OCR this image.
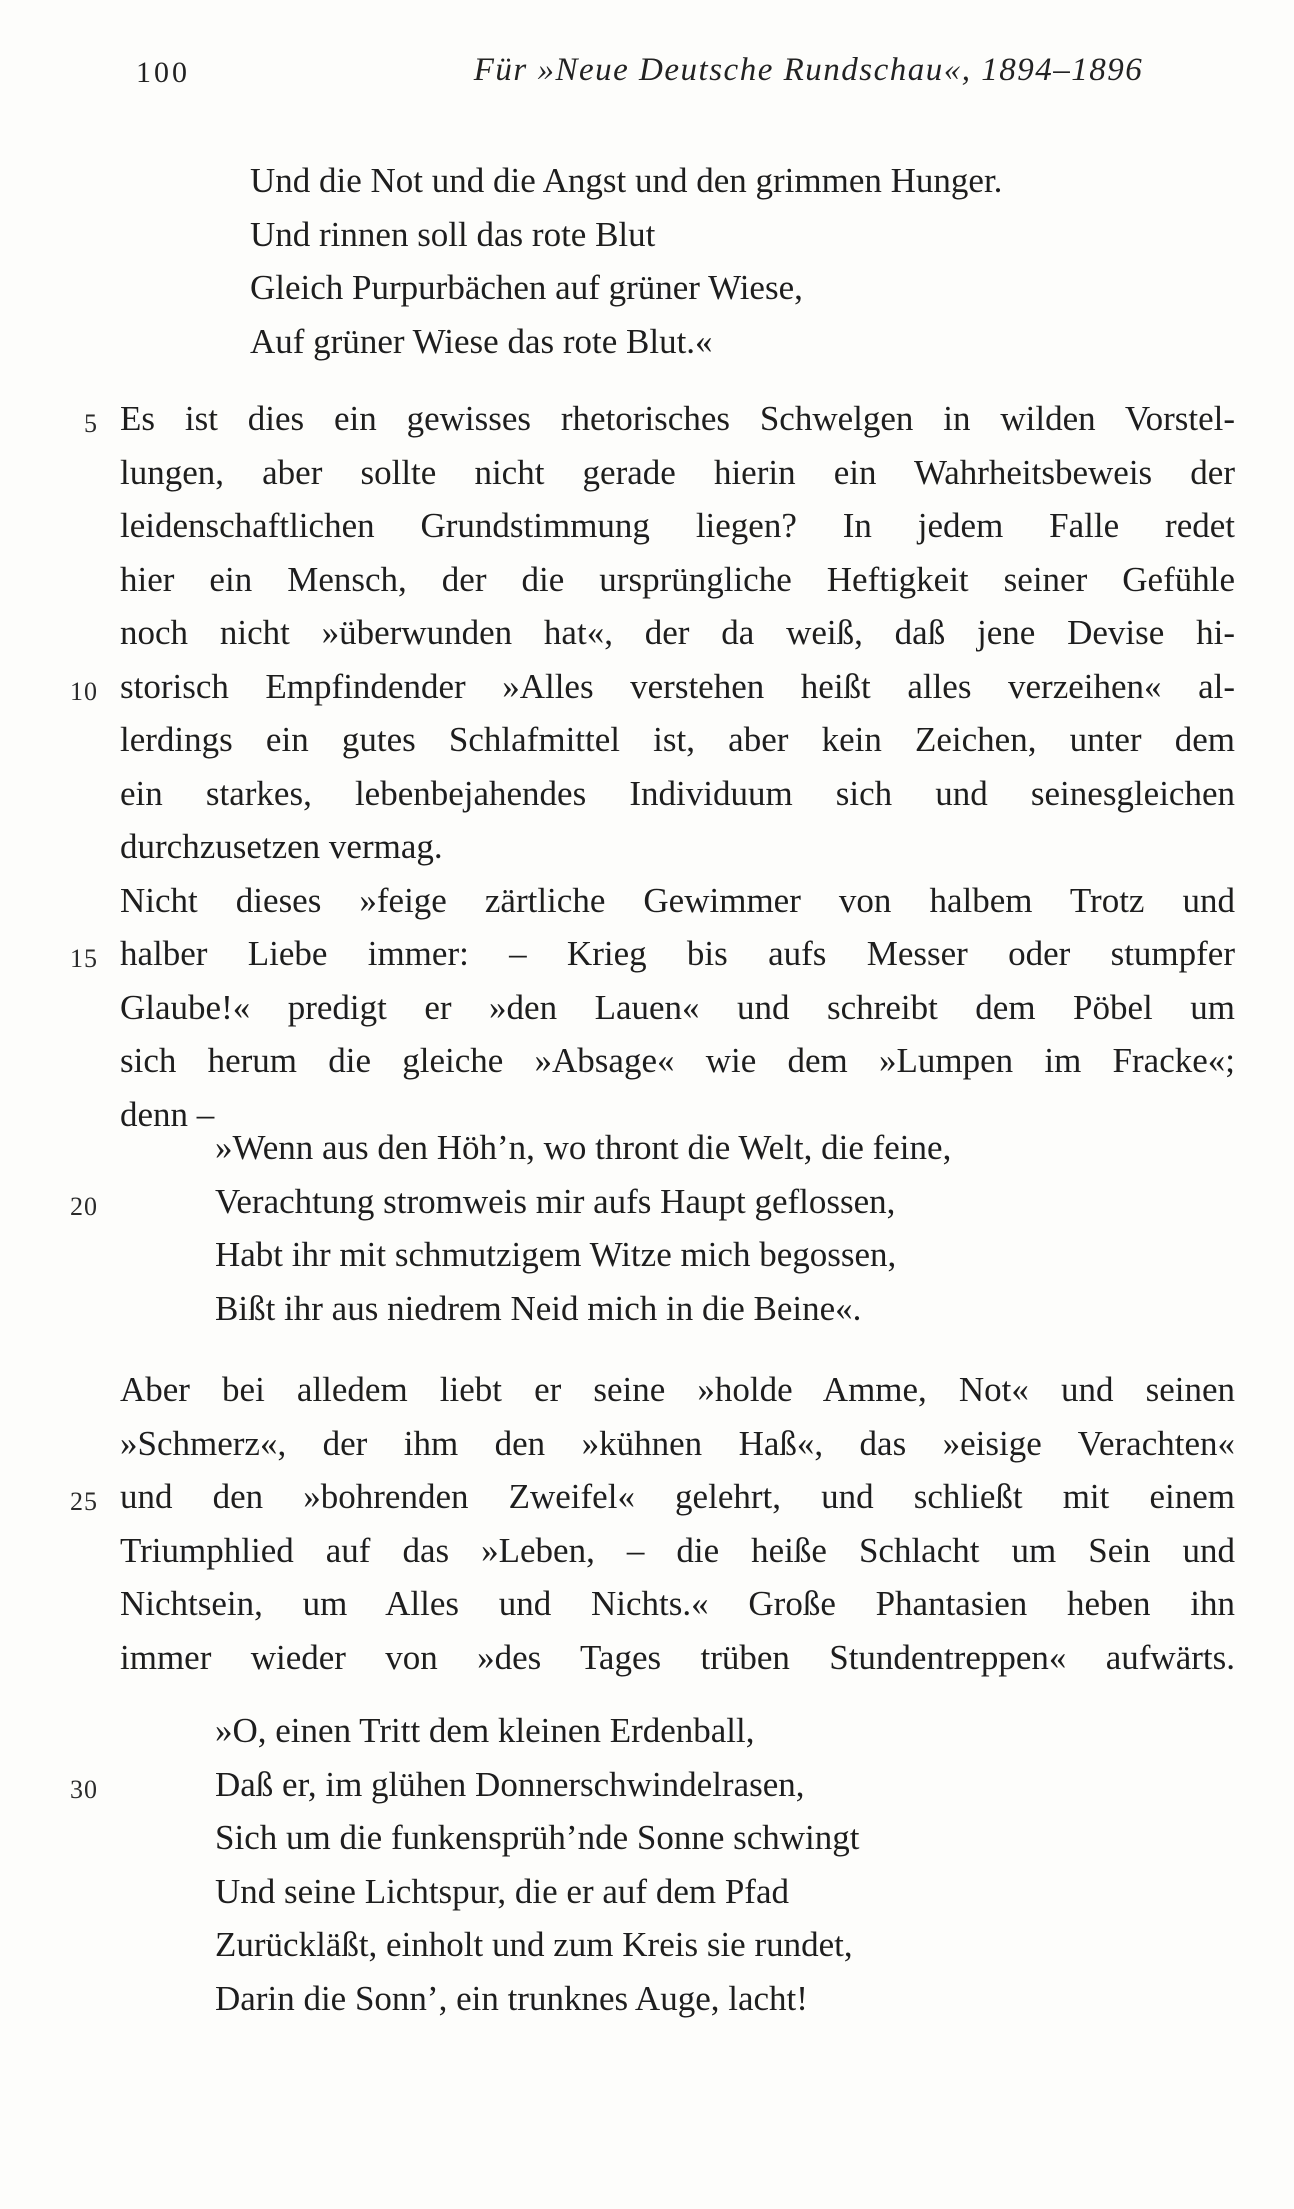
100	Für »Neue Deutsche Rundschau«, 1894–1896
Und die Not und die Angst und den grimmen Hunger.
Und rinnen soll das rote Blut
Gleich Purpurbächen auf grüner Wiese,
Auf grüner Wiese das rote Blut.«
5 Es ist dies ein gewisses rhetorisches Schwelgen in wilden Vorstel-
lungen, aber sollte nicht gerade hierin ein Wahrheitsbeweis der
leidenschaftlichen Grundstimmung liegen? In jedem Falle redet
hier ein Mensch, der die ursprüngliche Heftigkeit seiner Gefühle
noch nicht »überwunden hat«, der da weiß, daß jene Devise hi-
10 storisch Empfindender »Alles verstehen heißt alles verzeihen« al-
lerdings ein gutes Schlafmittel ist, aber kein Zeichen, unter dem
ein starkes, lebenbejahendes Individuum sich und seinesgleichen
durchzusetzen vermag.
Nicht dieses »feige zärtliche Gewimmer von halbem Trotz und
15 halber Liebe immer: – Krieg bis aufs Messer oder stumpfer
Glaube!« predigt er »den Lauen« und schreibt dem Pöbel um
sich herum die gleiche »Absage« wie dem »Lumpen im Fracke«;
denn –
»Wenn aus den Höh’n, wo thront die Welt, die feine,
20	Verachtung stromweis mir aufs Haupt geflossen,
Habt ihr mit schmutzigem Witze mich begossen,
Bißt ihr aus niedrem Neid mich in die Beine«.
Aber bei alledem liebt er seine »holde Amme, Not« und seinen
»Schmerz«, der ihm den »kühnen Haß«, das »eisige Verachten«
25 und den »bohrenden Zweifel« gelehrt, und schließt mit einem
Triumphlied auf das »Leben, – die heiße Schlacht um Sein und
Nichtsein, um Alles und Nichts.« Große Phantasien heben ihn
immer wieder von »des Tages trüben Stundentreppen« aufwärts.
»O, einen Tritt dem kleinen Erdenball,
30	Daß er, im glühen Donnerschwindelrasen,
Sich um die funkensprüh’nde Sonne schwingt
Und seine Lichtspur, die er auf dem Pfad
Zurückläßt, einholt und zum Kreis sie rundet,
Darin die Sonn’, ein trunknes Auge, lacht!
